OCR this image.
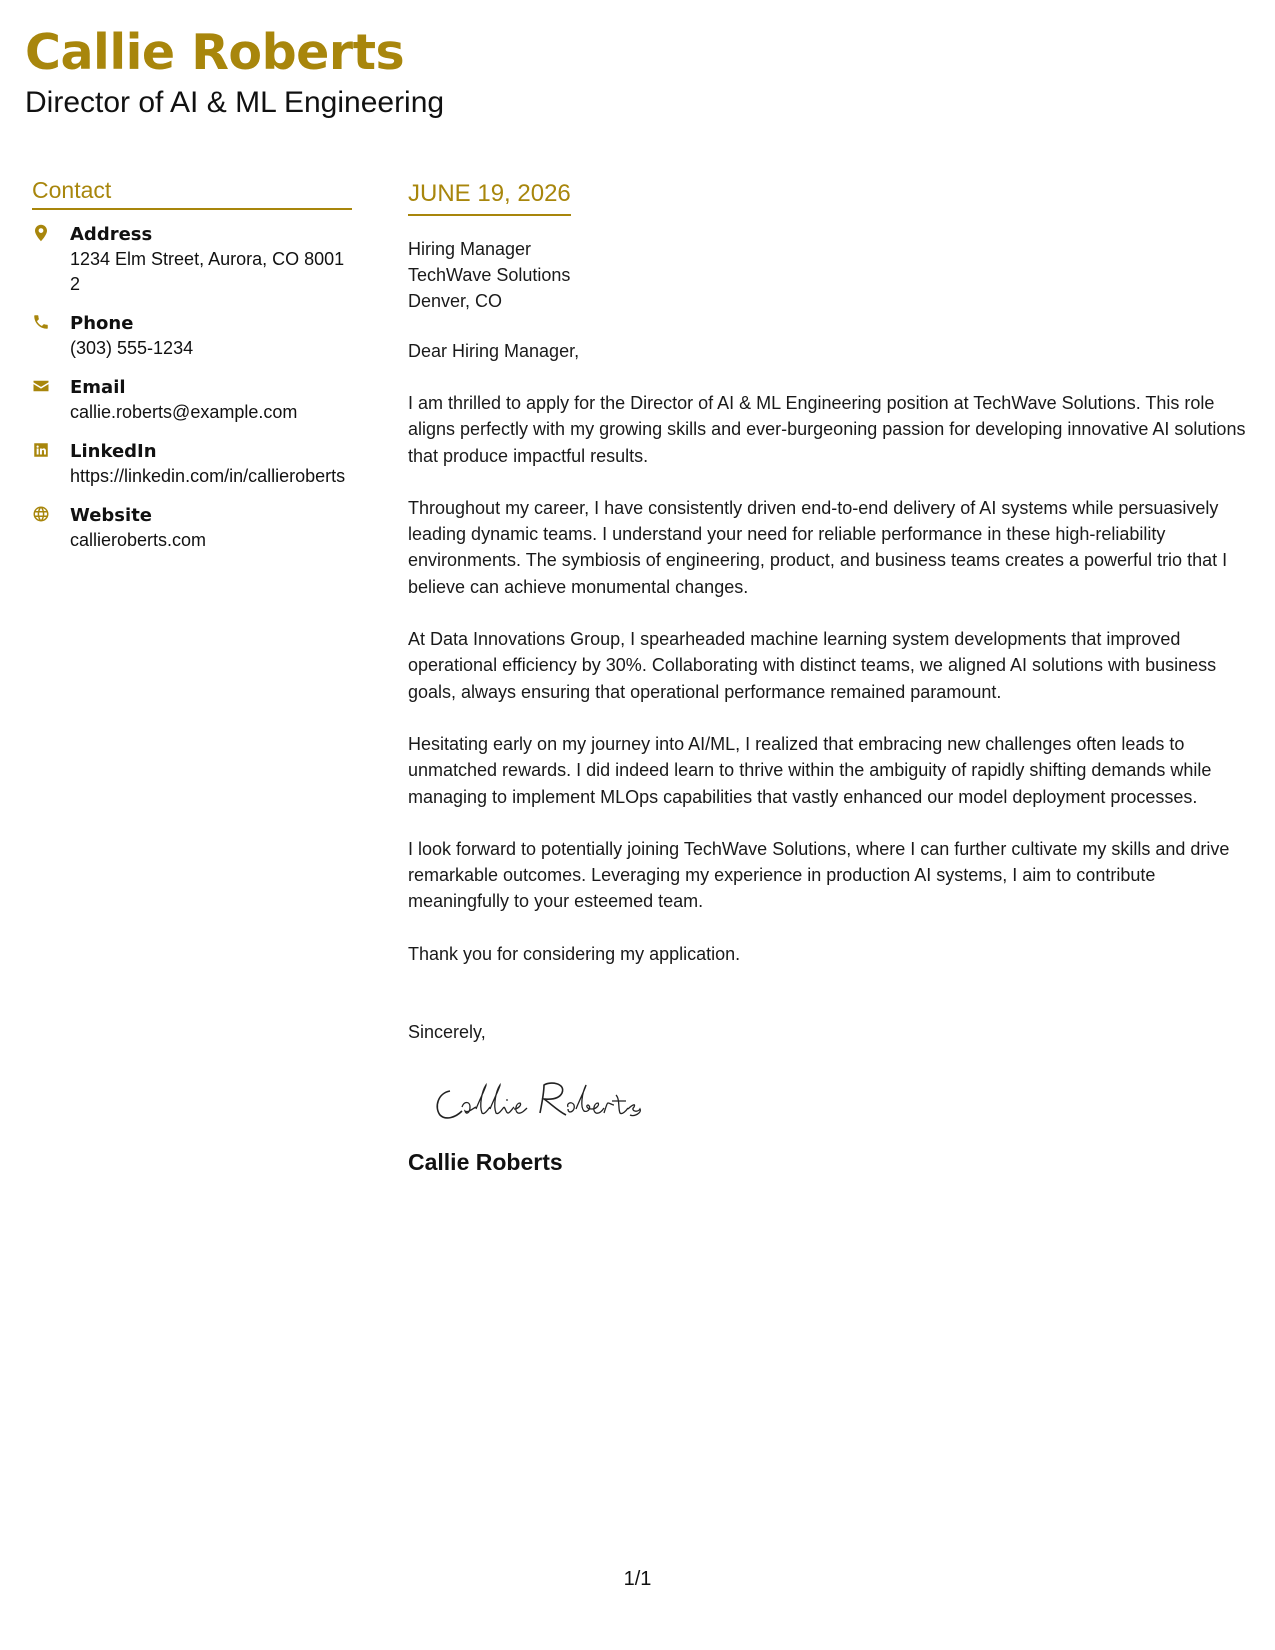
Callie Roberts
Director of AI & ML Engineering
Contact
Address
1234 Elm Street, Aurora, CO 80012
Phone
(303) 555-1234
Email
callie.roberts@example.com
LinkedIn
https://linkedin.com/in/callieroberts
Website
callieroberts.com
JUNE 19, 2026
Hiring Manager
TechWave Solutions
Denver, CO
Dear Hiring Manager,
I am thrilled to apply for the Director of AI & ML Engineering position at TechWave Solutions. This role aligns perfectly with my growing skills and ever-burgeoning passion for developing innovative AI solutions that produce impactful results.
Throughout my career, I have consistently driven end-to-end delivery of AI systems while persuasively leading dynamic teams. I understand your need for reliable performance in these high-reliability environments. The symbiosis of engineering, product, and business teams creates a powerful trio that I believe can achieve monumental changes.
At Data Innovations Group, I spearheaded machine learning system developments that improved operational efficiency by 30%. Collaborating with distinct teams, we aligned AI solutions with business goals, always ensuring that operational performance remained paramount.
Hesitating early on my journey into AI/ML, I realized that embracing new challenges often leads to unmatched rewards. I did indeed learn to thrive within the ambiguity of rapidly shifting demands while managing to implement MLOps capabilities that vastly enhanced our model deployment processes.
I look forward to potentially joining TechWave Solutions, where I can further cultivate my skills and drive remarkable outcomes. Leveraging my experience in production AI systems, I aim to contribute meaningfully to your esteemed team.
Thank you for considering my application.
Sincerely,
Callie Roberts
1/1
